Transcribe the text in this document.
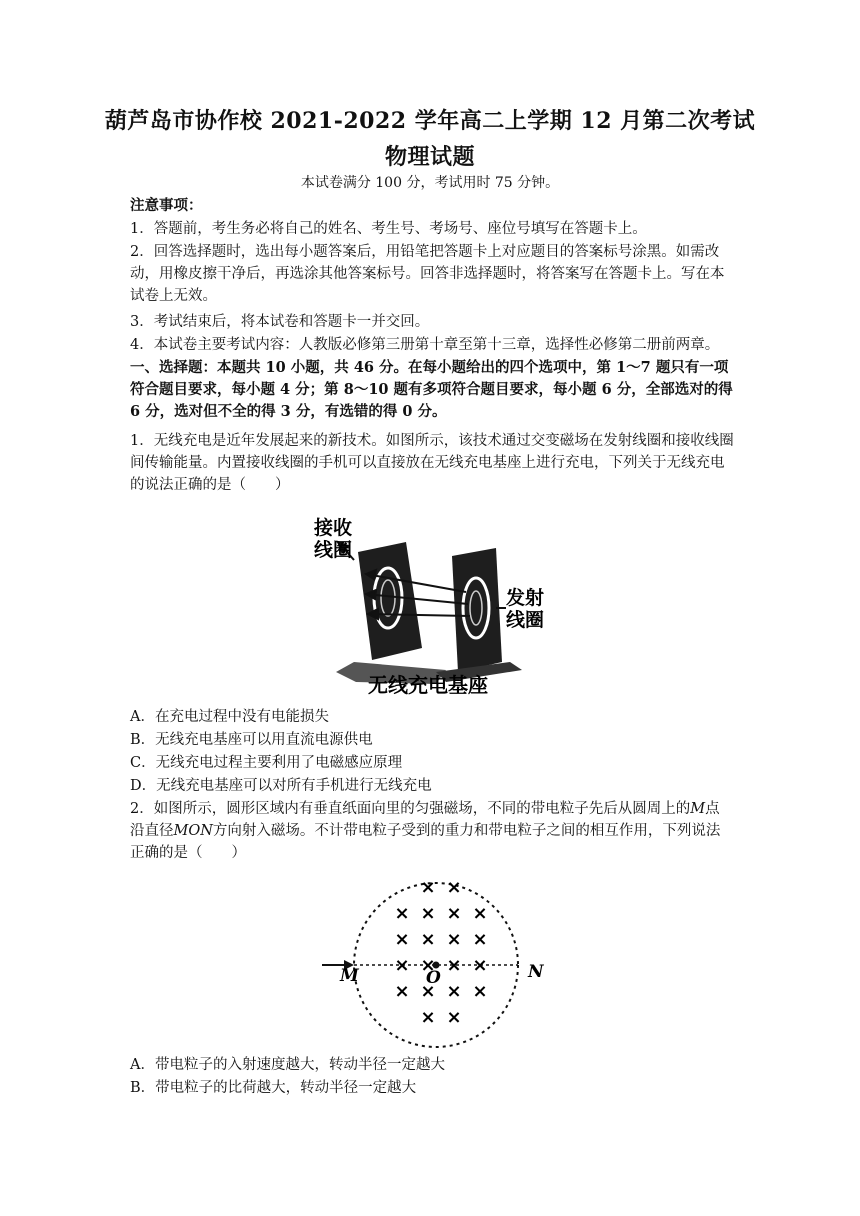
葫芦岛市协作校 2021-2022 学年高二上学期 12 月第二次考试
物理试题
本试卷满分 100 分，考试用时 75 分钟。
注意事项：
1．答题前，考生务必将自己的姓名、考生号、考场号、座位号填写在答题卡上。
2．回答选择题时，选出每小题答案后，用铅笔把答题卡上对应题目的答案标号涂黑。如需改动，用橡皮擦干净后，再选涂其他答案标号。回答非选择题时，将答案写在答题卡上。写在本试卷上无效。
3．考试结束后，将本试卷和答题卡一并交回。
4．本试卷主要考试内容：人教版必修第三册第十章至第十三章，选择性必修第二册前两章。
一、选择题：本题共 10 小题，共 46 分。在每小题给出的四个选项中，第 1～7 题只有一项符合题目要求，每小题 4 分；第 8～10 题有多项符合题目要求，每小题 6 分，全部选对的得 6 分，选对但不全的得 3 分，有选错的得 0 分。
1．无线充电是近年发展起来的新技术。如图所示，该技术通过交变磁场在发射线圈和接收线圈间传输能量。内置接收线圈的手机可以直接放在无线充电基座上进行充电，下列关于无线充电的说法正确的是（　　）
接收
线圈
发射
线圈
无线充电基座
A．在充电过程中没有电能损失
B．无线充电基座可以用直流电源供电
C．无线充电过程主要利用了电磁感应原理
D．无线充电基座可以对所有手机进行无线充电
2．如图所示，圆形区域内有垂直纸面向里的匀强磁场，不同的带电粒子先后从圆周上的M点沿直径MON方向射入磁场。不计带电粒子受到的重力和带电粒子之间的相互作用，下列说法正确的是（　　）
× ×
× × × ×
× × × ×
× × × ×
× × × ×
× ×
M	O	N
A．带电粒子的入射速度越大，转动半径一定越大
B．带电粒子的比荷越大，转动半径一定越大
